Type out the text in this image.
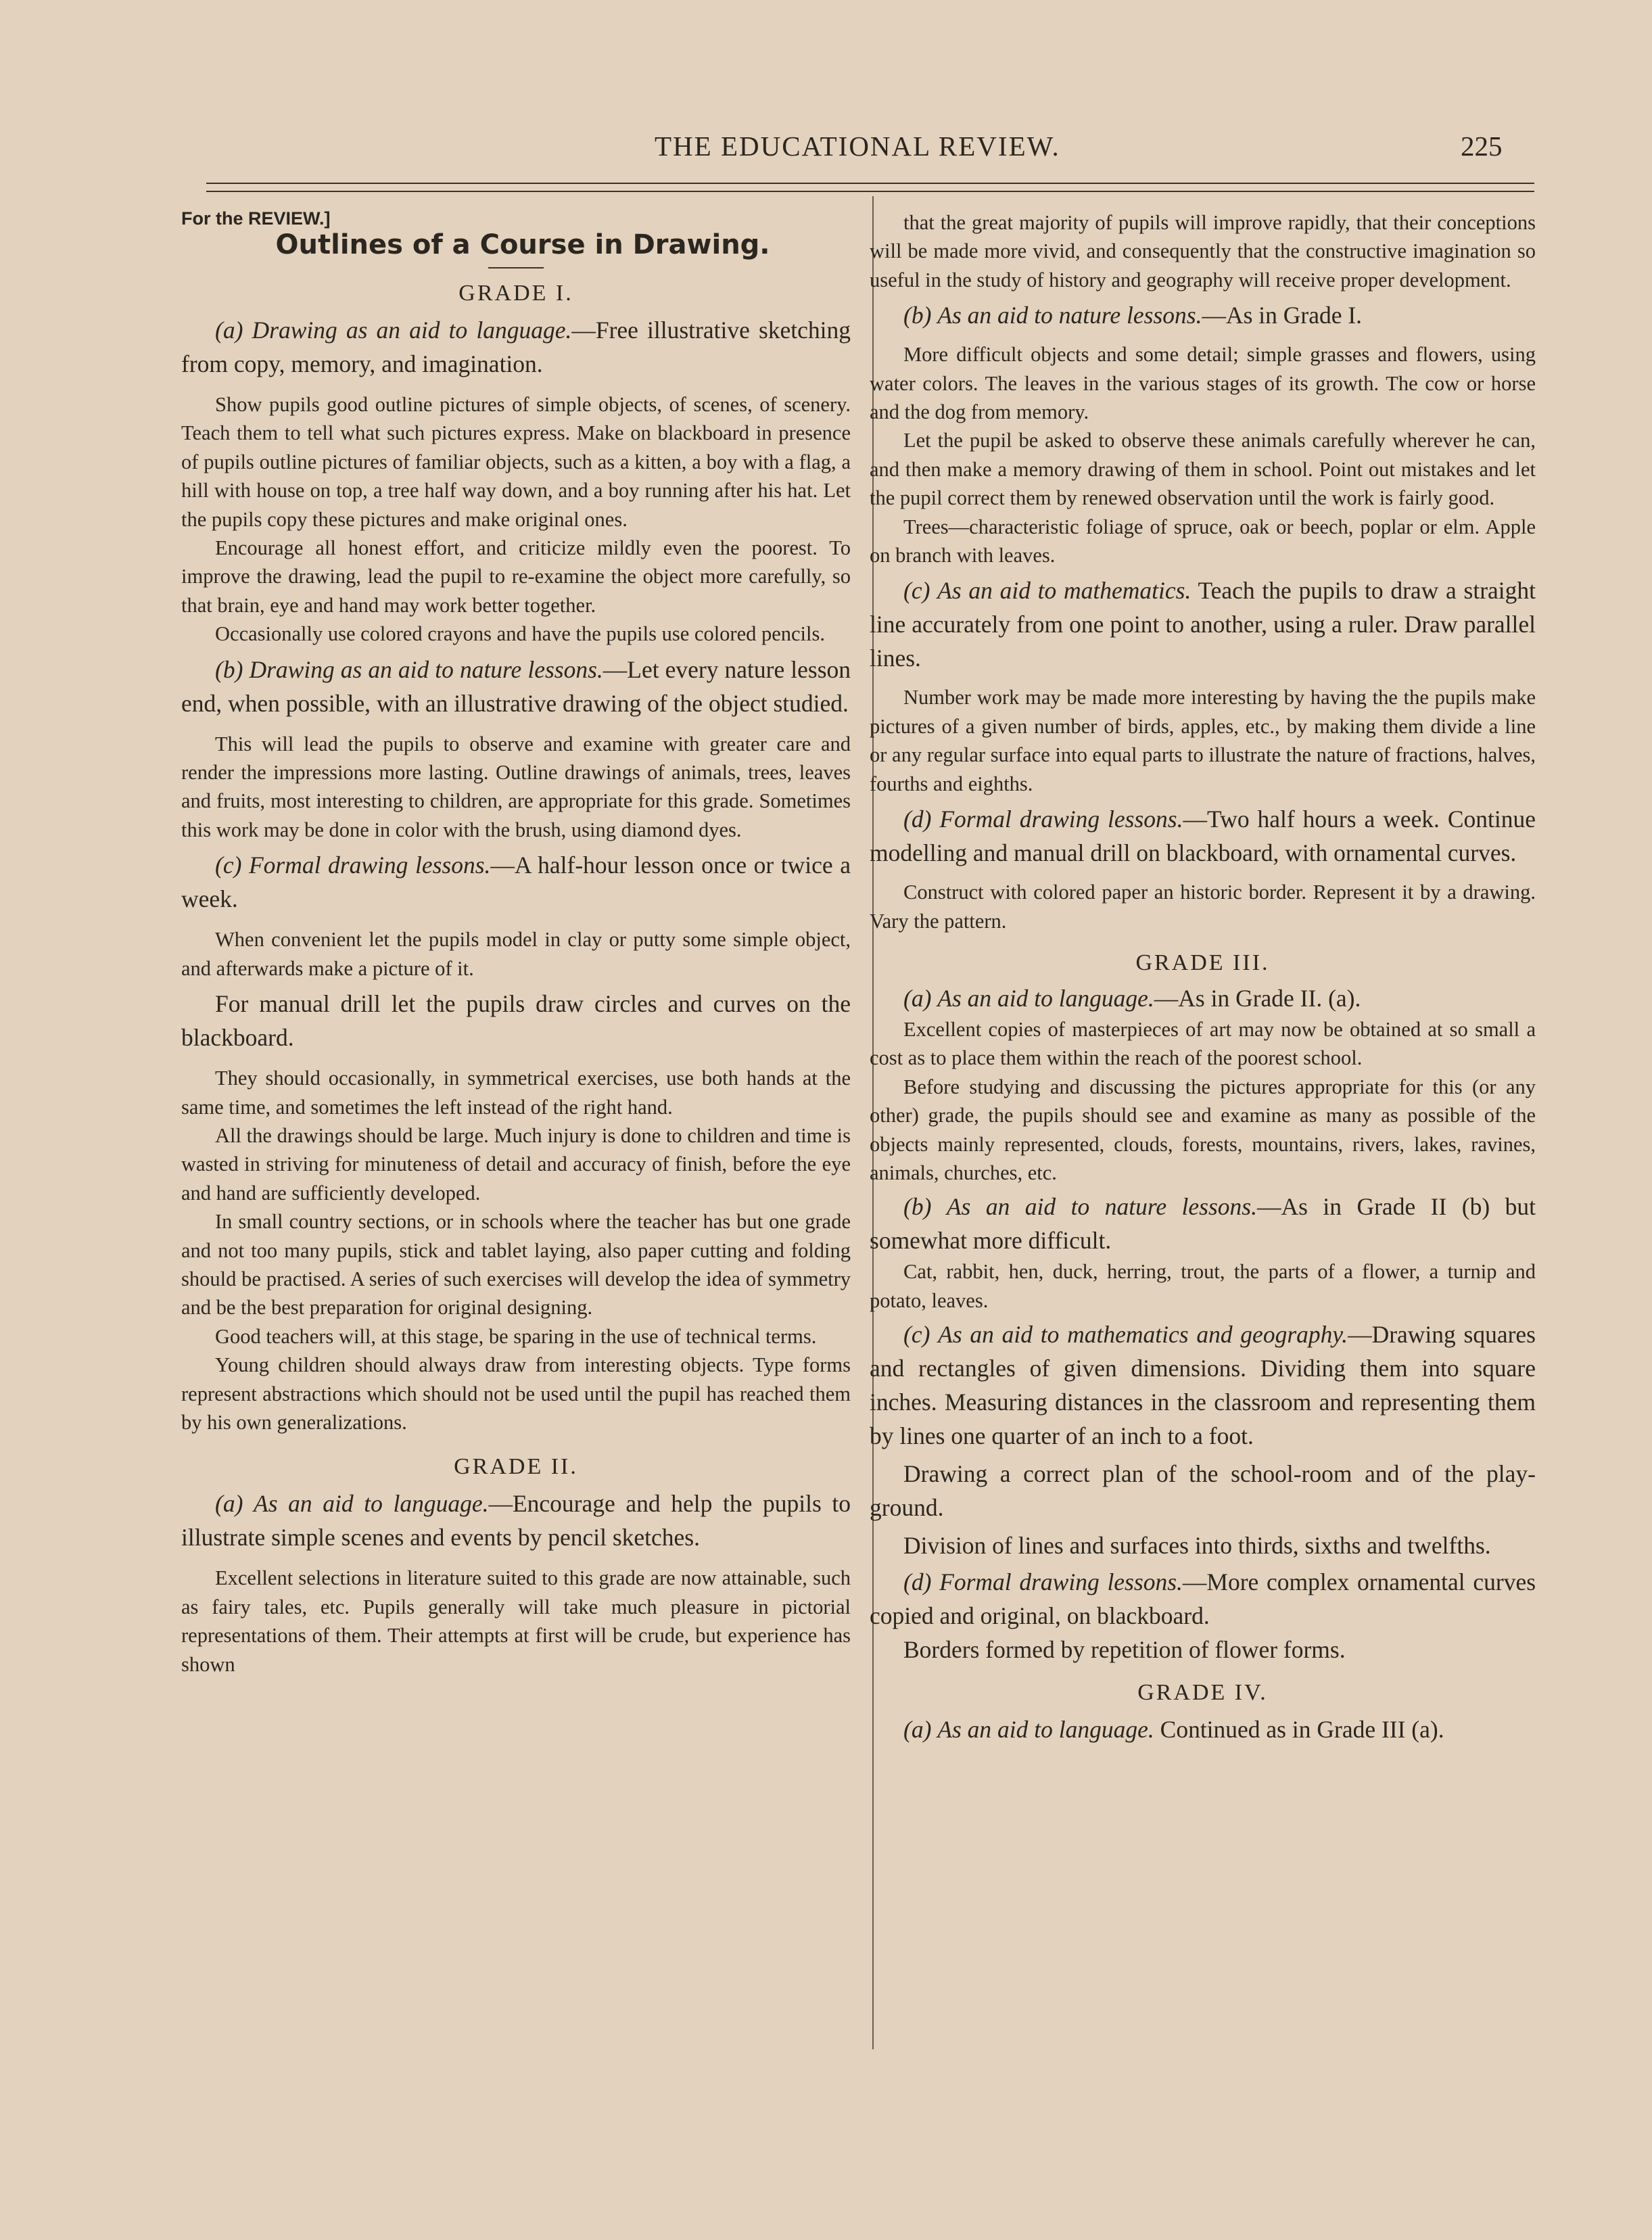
THE EDUCATIONAL REVIEW.	225

For the REVIEW.]

Outlines of a Course in Drawing.

GRADE I.

(a) Drawing as an aid to language.—Free illustrative sketching from copy, memory, and imagination.

Show pupils good outline pictures of simple objects, of scenes, of scenery. Teach them to tell what such pictures express. Make on blackboard in presence of pupils outline pictures of familiar objects, such as a kitten, a boy with a flag, a hill with house on top, a tree half way down, and a boy running after his hat. Let the pupils copy these pictures and make original ones.

Encourage all honest effort, and criticize mildly even the poorest. To improve the drawing, lead the pupil to re-examine the object more carefully, so that brain, eye and hand may work better together.

Occasionally use colored crayons and have the pupils use colored pencils.

(b) Drawing as an aid to nature lessons.—Let every nature lesson end, when possible, with an illustrative drawing of the object studied.

This will lead the pupils to observe and examine with greater care and render the impressions more lasting. Outline drawings of animals, trees, leaves and fruits, most interesting to children, are appropriate for this grade. Sometimes this work may be done in color with the brush, using diamond dyes.

(c) Formal drawing lessons.—A half-hour lesson once or twice a week.

When convenient let the pupils model in clay or putty some simple object, and afterwards make a picture of it.

For manual drill let the pupils draw circles and curves on the blackboard.

They should occasionally, in symmetrical exercises, use both hands at the same time, and sometimes the left instead of the right hand.

All the drawings should be large. Much injury is done to children and time is wasted in striving for minuteness of detail and accuracy of finish, before the eye and hand are sufficiently developed.

In small country sections, or in schools where the teacher has but one grade and not too many pupils, stick and tablet laying, also paper cutting and folding should be practised. A series of such exercises will develop the idea of symmetry and be the best preparation for original designing.

Good teachers will, at this stage, be sparing in the use of technical terms.

Young children should always draw from interesting objects. Type forms represent abstractions which should not be used until the pupil has reached them by his own generalizations.

GRADE II.

(a) As an aid to language.—Encourage and help the pupils to illustrate simple scenes and events by pencil sketches.

Excellent selections in literature suited to this grade are now attainable, such as fairy tales, etc. Pupils generally will take much pleasure in pictorial representations of them. Their attempts at first will be crude, but experience has shown

that the great majority of pupils will improve rapidly, that their conceptions will be made more vivid, and consequently that the constructive imagination so useful in the study of history and geography will receive proper development.

(b) As an aid to nature lessons.—As in Grade I.

More difficult objects and some detail; simple grasses and flowers, using water colors. The leaves in the various stages of its growth. The cow or horse and the dog from memory.

Let the pupil be asked to observe these animals carefully wherever he can, and then make a memory drawing of them in school. Point out mistakes and let the pupil correct them by renewed observation until the work is fairly good.

Trees—characteristic foliage of spruce, oak or beech, poplar or elm. Apple on branch with leaves.

(c) As an aid to mathematics. Teach the pupils to draw a straight line accurately from one point to another, using a ruler. Draw parallel lines.

Number work may be made more interesting by having the the pupils make pictures of a given number of birds, apples, etc., by making them divide a line or any regular surface into equal parts to illustrate the nature of fractions, halves, fourths and eighths.

(d) Formal drawing lessons.—Two half hours a week. Continue modelling and manual drill on blackboard, with ornamental curves.

Construct with colored paper an historic border. Represent it by a drawing. Vary the pattern.

GRADE III.

(a) As an aid to language.—As in Grade II. (a).

Excellent copies of masterpieces of art may now be obtained at so small a cost as to place them within the reach of the poorest school.

Before studying and discussing the pictures appropriate for this (or any other) grade, the pupils should see and examine as many as possible of the objects mainly represented, clouds, forests, mountains, rivers, lakes, ravines, animals, churches, etc.

(b) As an aid to nature lessons.—As in Grade II (b) but somewhat more difficult.

Cat, rabbit, hen, duck, herring, trout, the parts of a flower, a turnip and potato, leaves.

(c) As an aid to mathematics and geography.—Drawing squares and rectangles of given dimensions. Dividing them into square inches. Measuring distances in the classroom and representing them by lines one quarter of an inch to a foot.

Drawing a correct plan of the school-room and of the play-ground.

Division of lines and surfaces into thirds, sixths and twelfths.

(d) Formal drawing lessons.—More complex ornamental curves copied and original, on blackboard.

Borders formed by repetition of flower forms.

GRADE IV.

(a) As an aid to language. Continued as in Grade III (a).
